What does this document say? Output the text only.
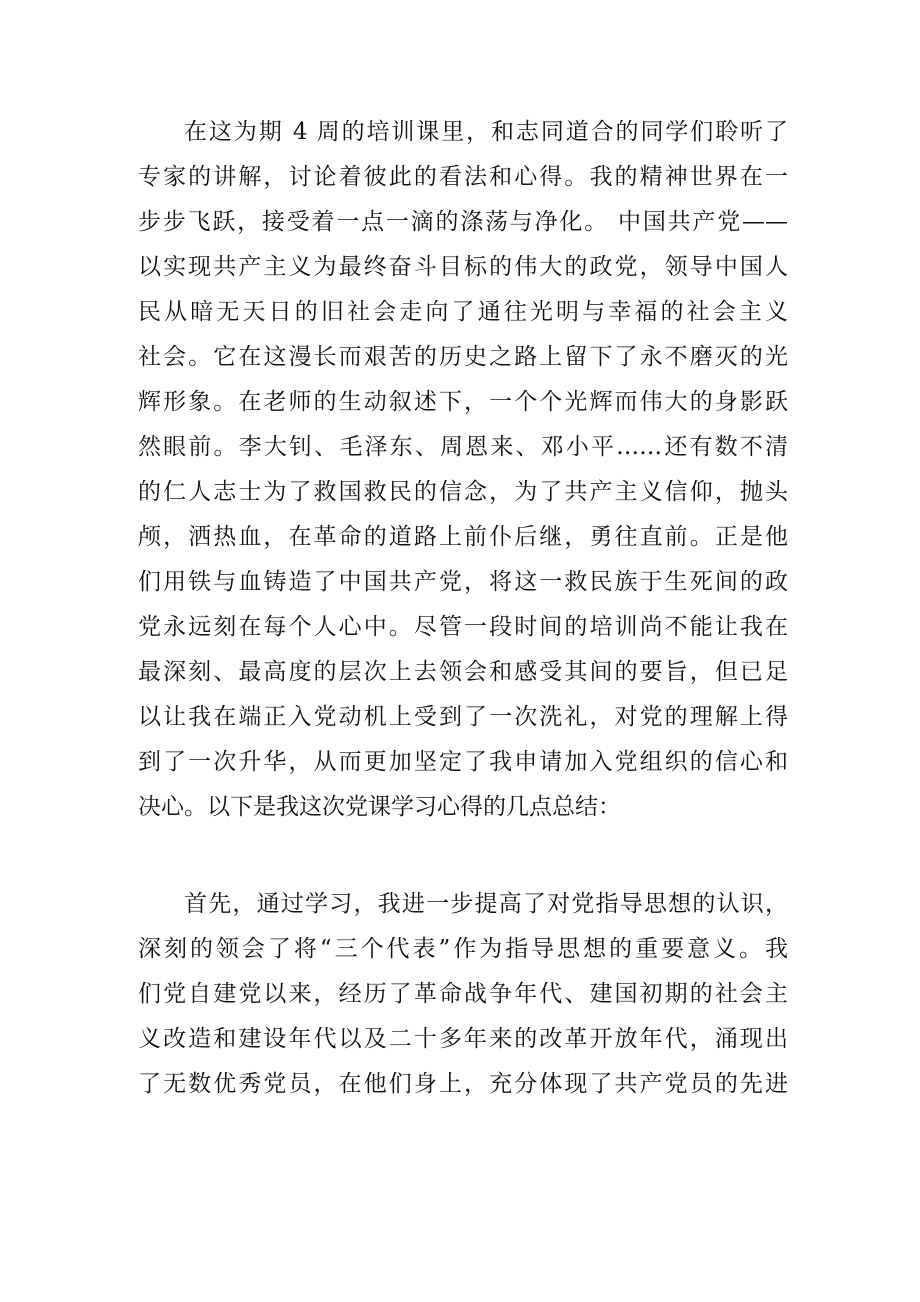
在这为期 4 周的培训课里，和志同道合的同学们聆听了
专家的讲解，讨论着彼此的看法和心得。我的精神世界在一
步步飞跃，接受着一点一滴的涤荡与净化。 中国共产党——
以实现共产主义为最终奋斗目标的伟大的政党，领导中国人
民从暗无天日的旧社会走向了通往光明与幸福的社会主义
社会。它在这漫长而艰苦的历史之路上留下了永不磨灭的光
辉形象。在老师的生动叙述下，一个个光辉而伟大的身影跃
然眼前。李大钊、毛泽东、周恩来、邓小平……还有数不清
的仁人志士为了救国救民的信念，为了共产主义信仰，抛头
颅，洒热血，在革命的道路上前仆后继，勇往直前。正是他
们用铁与血铸造了中国共产党，将这一救民族于生死间的政
党永远刻在每个人心中。尽管一段时间的培训尚不能让我在
最深刻、最高度的层次上去领会和感受其间的要旨，但已足
以让我在端正入党动机上受到了一次洗礼，对党的理解上得
到了一次升华，从而更加坚定了我申请加入党组织的信心和
决心。以下是我这次党课学习心得的几点总结：
首先，通过学习，我进一步提高了对党指导思想的认识，
深刻的领会了将“三个代表”作为指导思想的重要意义。我
们党自建党以来，经历了革命战争年代、建国初期的社会主
义改造和建设年代以及二十多年来的改革开放年代，涌现出
了无数优秀党员，在他们身上，充分体现了共产党员的先进
